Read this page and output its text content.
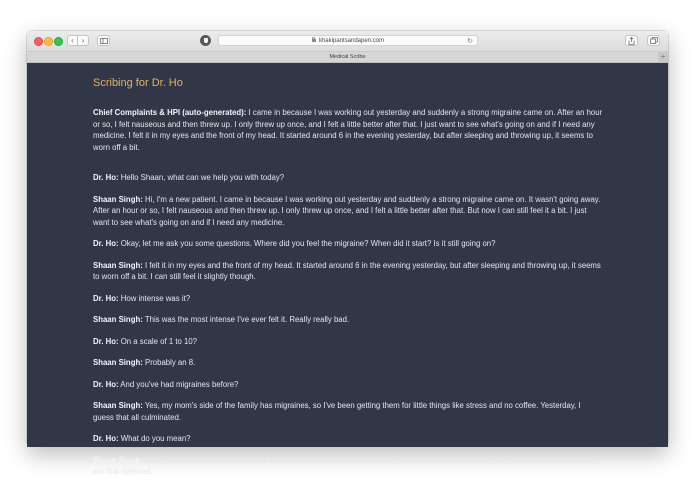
‹ ›	khakipantsandapen.com	↻
Medical Scribe	+
Scribing for Dr. Ho

Chief Complaints & HPI (auto-generated): I came in because I was working out yesterday and suddenly a strong migraine came on. After an hour or so, I felt nauseous and then threw up. I only threw up once, and I felt a little better after that. I just want to see what's going on and if I need any medicine. I felt it in my eyes and the front of my head. It started around 6 in the evening yesterday, but after sleeping and throwing up, it seems to worn off a bit.

Dr. Ho: Hello Shaan, what can we help you with today?

Shaan Singh: Hi, I'm a new patient. I came in because I was working out yesterday and suddenly a strong migraine came on. It wasn't going away. After an hour or so, I felt nauseous and then threw up. I only threw up once, and I felt a little better after that. But now I can still feel it a bit. I just want to see what's going on and if I need any medicine.

Dr. Ho: Okay, let me ask you some questions. Where did you feel the migraine? When did it start? Is it still going on?

Shaan Singh: I felt it in my eyes and the front of my head. It started around 6 in the evening yesterday, but after sleeping and throwing up, it seems to worn off a bit. I can still feel it slightly though.

Dr. Ho: How intense was it?

Shaan Singh: This was the most intense I've ever felt it. Really really bad.

Dr. Ho: On a scale of 1 to 10?

Shaan Singh: Probably an 8.

Dr. Ho: And you've had migraines before?

Shaan Singh: Yes, my mom's side of the family has migraines, so I've been getting them for little things like stress and no coffee. Yesterday, I guess that all culminated.

Dr. Ho: What do you mean?

Shaan Singh: Well I had less coffee than I usually do, and I worked out unusually hard. And maybe I was stressed, though I don't really think that I am that stressed.
